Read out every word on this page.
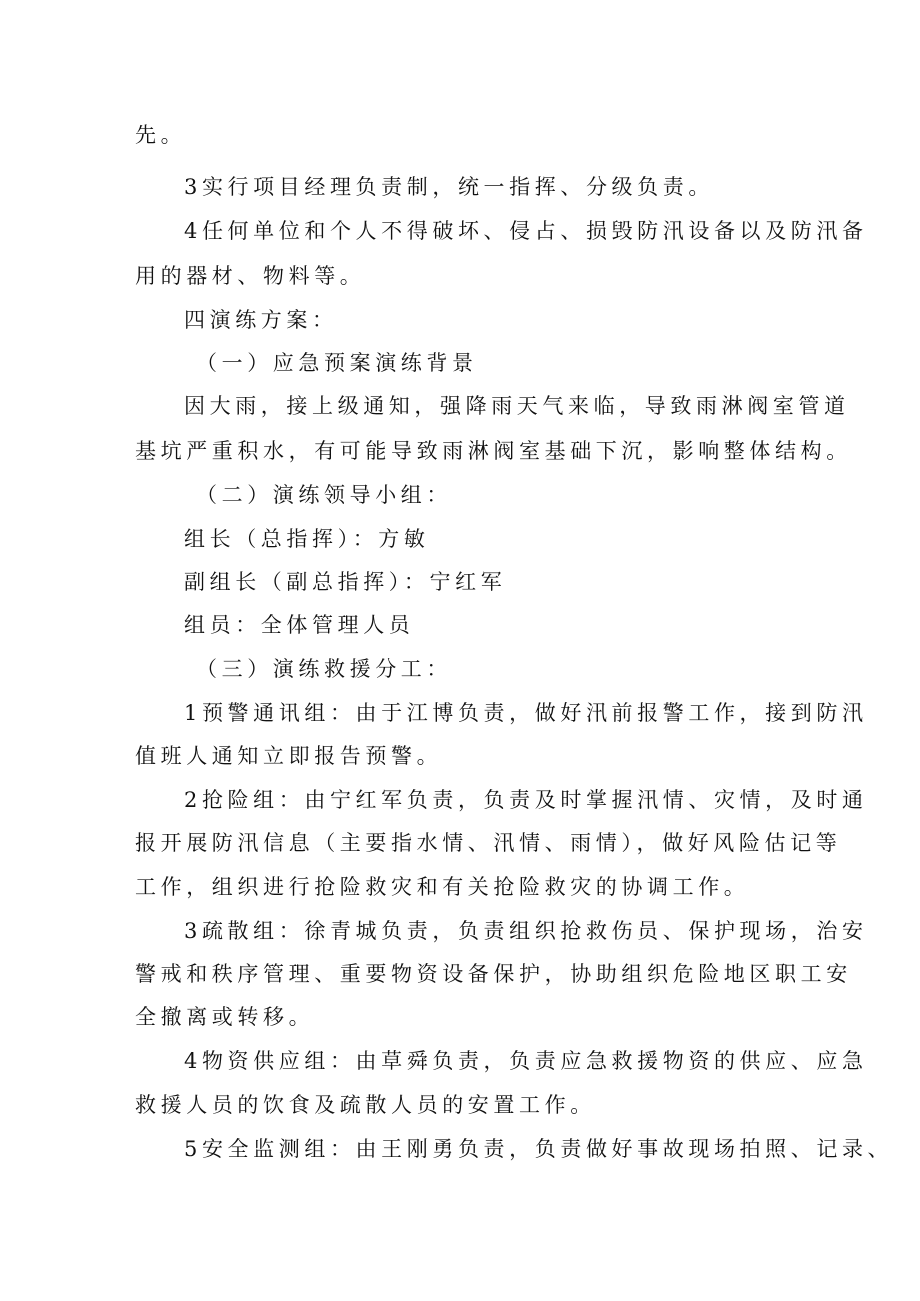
先。
3实行项目经理负责制，统一指挥、分级负责。
4任何单位和个人不得破坏、侵占、损毁防汛设备以及防汛备
用的器材、物料等。
四演练方案：
（一）应急预案演练背景
因大雨，接上级通知，强降雨天气来临，导致雨淋阀室管道
基坑严重积水，有可能导致雨淋阀室基础下沉，影响整体结构。
（二）演练领导小组：
组长（总指挥）：方敏
副组长（副总指挥）：宁红军
组员：全体管理人员
（三）演练救援分工：
1预警通讯组：由于江博负责，做好汛前报警工作，接到防汛
值班人通知立即报告预警。
2抢险组：由宁红军负责，负责及时掌握汛情、灾情，及时通
报开展防汛信息（主要指水情、汛情、雨情），做好风险估记等
工作，组织进行抢险救灾和有关抢险救灾的协调工作。
3疏散组：徐青城负责，负责组织抢救伤员、保护现场，治安
警戒和秩序管理、重要物资设备保护，协助组织危险地区职工安
全撤离或转移。
4物资供应组：由草舜负责，负责应急救援物资的供应、应急
救援人员的饮食及疏散人员的安置工作。
5安全监测组：由王刚勇负责，负责做好事故现场拍照、记录、
